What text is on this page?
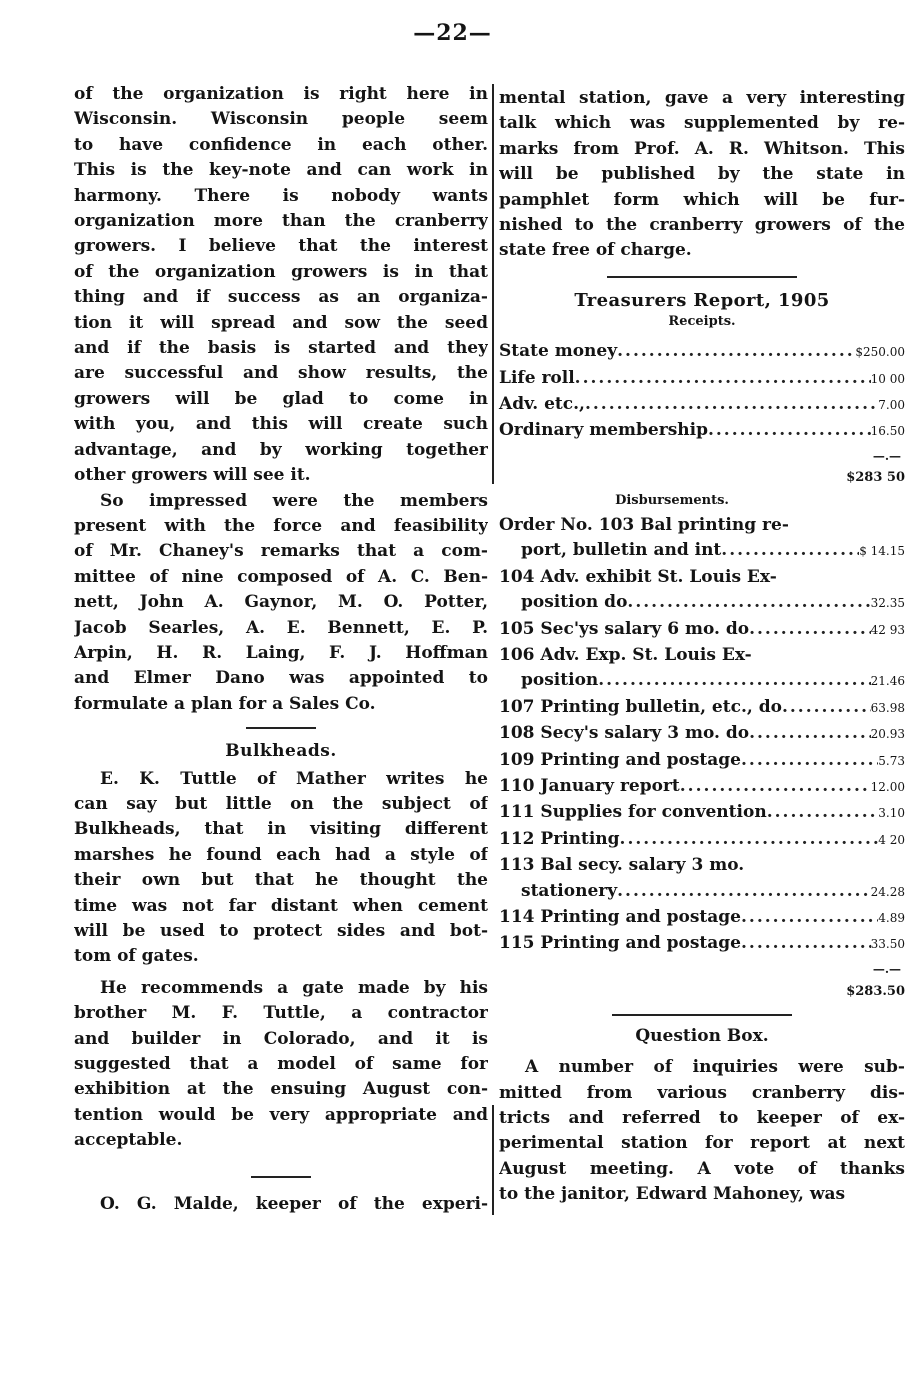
—22—
of the organization is right here in
Wisconsin. Wisconsin people seem
to have confidence in each other.
This is the key-note and can work in
harmony. There is nobody wants
organization more than the cranberry
growers. I believe that the interest
of the organization growers is in that
thing and if success as an organiza-
tion it will spread and sow the seed
and if the basis is started and they
are successful and show results, the
growers will be glad to come in
with you, and this will create such
advantage, and by working together
other growers will see it.
So impressed were the members
present with the force and feasibility
of Mr. Chaney's remarks that a com-
mittee of nine composed of A. C. Ben-
nett, John A. Gaynor, M. O. Potter,
Jacob Searles, A. E. Bennett, E. P.
Arpin, H. R. Laing, F. J. Hoffman
and Elmer Dano was appointed to
formulate a plan for a Sales Co.
Bulkheads.
E. K. Tuttle of Mather writes he
can say but little on the subject of
Bulkheads, that in visiting different
marshes he found each had a style of
their own but that he thought the
time was not far distant when cement
will be used to protect sides and bot-
tom of gates.
He recommends a gate made by his
brother M. F. Tuttle, a contractor
and builder in Colorado, and it is
suggested that a model of same for
exhibition at the ensuing August con-
tention would be very appropriate and
acceptable.
O. G. Malde, keeper of the experi-
mental station, gave a very interesting
talk which was supplemented by re-
marks from Prof. A. R. Whitson. This
will be published by the state in
pamphlet form which will be fur-
nished to the cranberry growers of the
state free of charge.
Treasurers Report, 1905
Receipts.
State money .....	$250.00
Life roll .....	10 00
Adv. etc., .....	7.00
Ordinary membership .....	16.50
—.—
$283 50
Disbursements.
Order No. 103 Bal printing re-
port, bulletin and int .....	$ 14.15
104 Adv. exhibit St. Louis Ex-
position do .....	32.35
105 Sec'ys salary 6 mo. do .....	42 93
106 Adv. Exp. St. Louis Ex-
position .....	21.46
107 Printing bulletin, etc., do .....	63.98
108 Secy's salary 3 mo. do .....	20.93
109 Printing and postage .....	5.73
110 January report .....	12.00
111 Supplies for convention .....	3.10
112 Printing .....	4 20
113 Bal secy. salary 3 mo.
stationery .....	24.28
114 Printing and postage .....	4.89
115 Printing and postage .....	33.50
—.—
$283.50
Question Box.
A number of inquiries were sub-
mitted from various cranberry dis-
tricts and referred to keeper of ex-
perimental station for report at next
August meeting. A vote of thanks
to the janitor, Edward Mahoney, was
